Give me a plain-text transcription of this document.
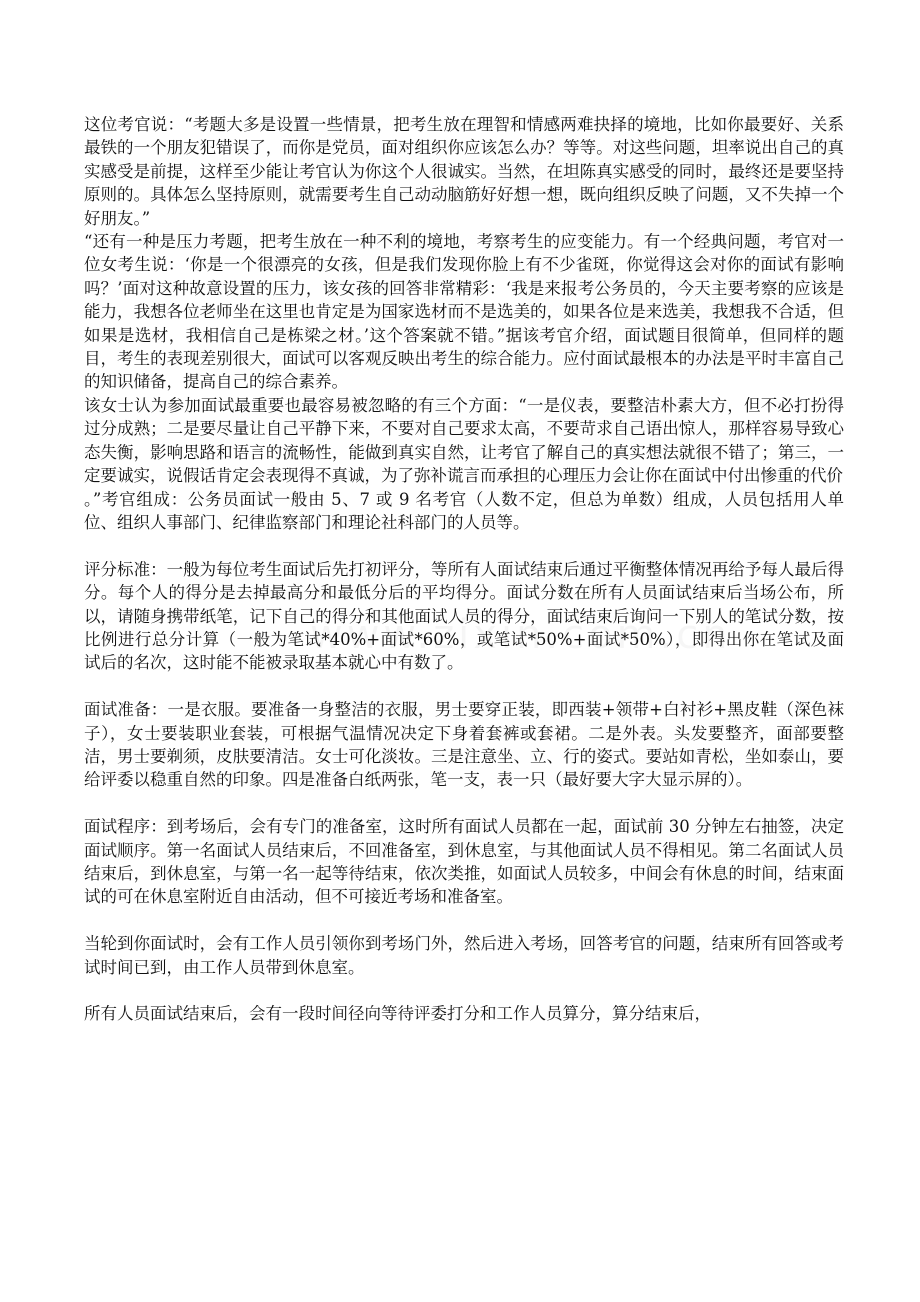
这位考官说：“考题大多是设置一些情景，把考生放在理智和情感两难抉择的境地，比如你最要好、关系最铁的一个朋友犯错误了，而你是党员，面对组织你应该怎么办？等等。对这些问题，坦率说出自己的真实感受是前提，这样至少能让考官认为你这个人很诚实。当然，在坦陈真实感受的同时，最终还是要坚持原则的。具体怎么坚持原则，就需要考生自己动动脑筋好好想一想，既向组织反映了问题，又不失掉一个好朋友。”

“还有一种是压力考题，把考生放在一种不利的境地，考察考生的应变能力。有一个经典问题，考官对一位女考生说：‘你是一个很漂亮的女孩，但是我们发现你脸上有不少雀斑，你觉得这会对你的面试有影响吗？’面对这种故意设置的压力，该女孩的回答非常精彩：‘我是来报考公务员的，今天主要考察的应该是能力，我想各位老师坐在这里也肯定是为国家选材而不是选美的，如果各位是来选美，我想我不合适，但如果是选材，我相信自己是栋梁之材。’这个答案就不错。”据该考官介绍，面试题目很简单，但同样的题目，考生的表现差别很大，面试可以客观反映出考生的综合能力。应付面试最根本的办法是平时丰富自己的知识储备，提高自己的综合素养。

该女士认为参加面试最重要也最容易被忽略的有三个方面：“一是仪表，要整洁朴素大方，但不必打扮得过分成熟；二是要尽量让自己平静下来，不要对自己要求太高，不要苛求自己语出惊人，那样容易导致心态失衡，影响思路和语言的流畅性，能做到真实自然，让考官了解自己的真实想法就很不错了；第三，一定要诚实，说假话肯定会表现得不真诚，为了弥补谎言而承担的心理压力会让你在面试中付出惨重的代价

。”考官组成：公务员面试一般由 5、7 或 9 名考官（人数不定，但总为单数）组成，人员包括用人单位、组织人事部门、纪律监察部门和理论社科部门的人员等。

评分标准：一般为每位考生面试后先打初评分，等所有人面试结束后通过平衡整体情况再给予每人最后得分。每个人的得分是去掉最高分和最低分后的平均得分。面试分数在所有人员面试结束后当场公布，所以，请随身携带纸笔，记下自己的得分和其他面试人员的得分，面试结束后询问一下别人的笔试分数，按比例进行总分计算（一般为笔试*40%+面试*60%，或笔试*50%+面试*50%），即得出你在笔试及面试后的名次，这时能不能被录取基本就心中有数了。

面试准备：一是衣服。要准备一身整洁的衣服，男士要穿正装，即西装+领带+白衬衫+黑皮鞋（深色袜子），女士要装职业套装，可根据气温情况决定下身着套裤或套裙。二是外表。头发要整齐，面部要整洁，男士要剃须，皮肤要清洁。女士可化淡妆。三是注意坐、立、行的姿式。要站如青松，坐如泰山，要给评委以稳重自然的印象。四是准备白纸两张，笔一支，表一只（最好要大字大显示屏的）。

面试程序：到考场后，会有专门的准备室，这时所有面试人员都在一起，面试前 30 分钟左右抽签，决定面试顺序。第一名面试人员结束后，不回准备室，到休息室，与其他面试人员不得相见。第二名面试人员结束后，到休息室，与第一名一起等待结束，依次类推，如面试人员较多，中间会有休息的时间，结束面试的可在休息室附近自由活动，但不可接近考场和准备室。

当轮到你面试时，会有工作人员引领你到考场门外，然后进入考场，回答考官的问题，结束所有回答或考试时间已到，由工作人员带到休息室。

所有人员面试结束后，会有一段时间径向等待评委打分和工作人员算分，算分结束后，
